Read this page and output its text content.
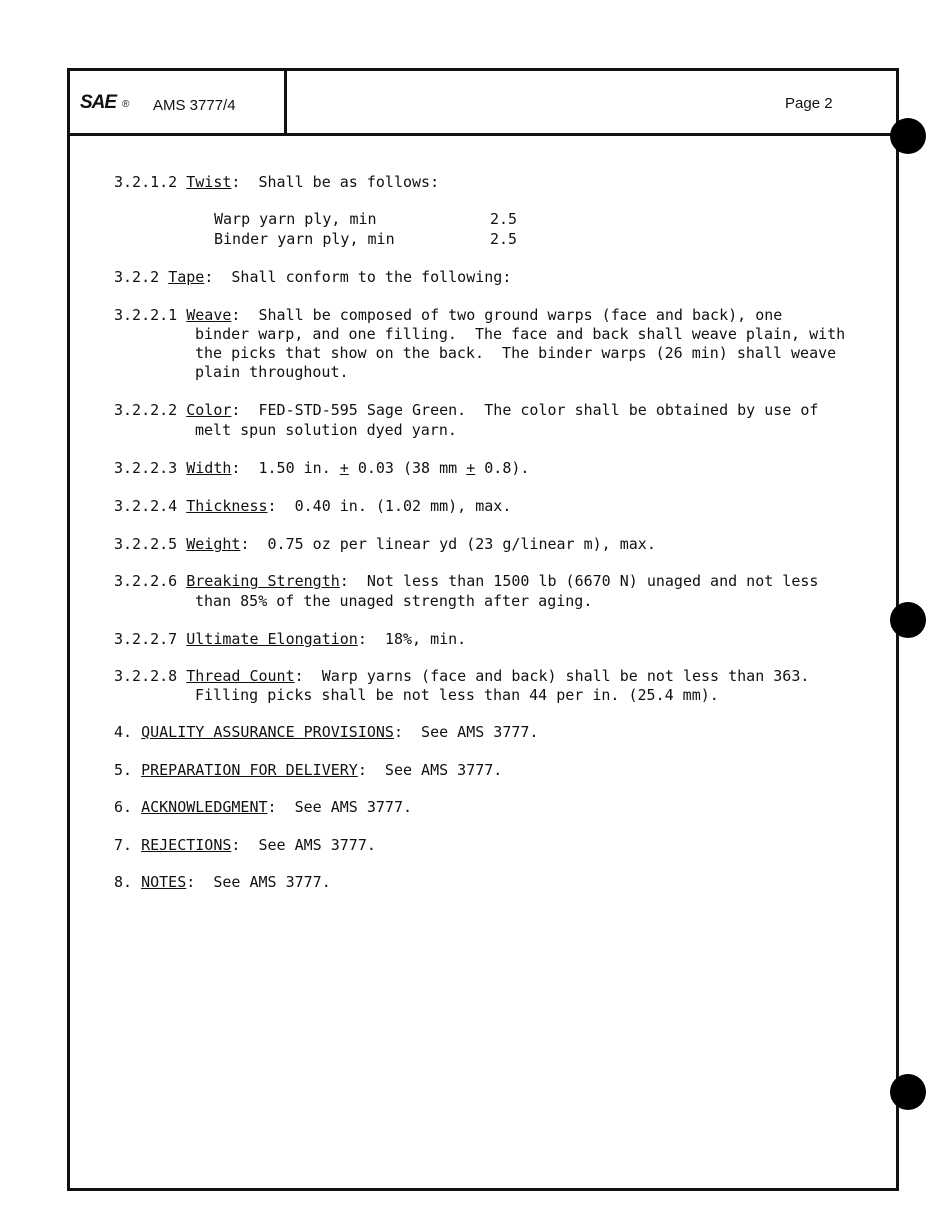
SAE ® AMS 3777/4	Page 2
3.2.1.2 Twist:  Shall be as follows:
Warp yarn ply, min	2.5
Binder yarn ply, min	2.5
3.2.2 Tape:  Shall conform to the following:
3.2.2.1 Weave:  Shall be composed of two ground warps (face and back), one
binder warp, and one filling.  The face and back shall weave plain, with
the picks that show on the back.  The binder warps (26 min) shall weave
plain throughout.
3.2.2.2 Color:  FED-STD-595 Sage Green.  The color shall be obtained by use of
melt spun solution dyed yarn.
3.2.2.3 Width:  1.50 in. + 0.03 (38 mm + 0.8).
3.2.2.4 Thickness:  0.40 in. (1.02 mm), max.
3.2.2.5 Weight:  0.75 oz per linear yd (23 g/linear m), max.
3.2.2.6 Breaking Strength:  Not less than 1500 lb (6670 N) unaged and not less
than 85% of the unaged strength after aging.
3.2.2.7 Ultimate Elongation:  18%, min.
3.2.2.8 Thread Count:  Warp yarns (face and back) shall be not less than 363.
Filling picks shall be not less than 44 per in. (25.4 mm).
4. QUALITY ASSURANCE PROVISIONS:  See AMS 3777.
5. PREPARATION FOR DELIVERY:  See AMS 3777.
6. ACKNOWLEDGMENT:  See AMS 3777.
7. REJECTIONS:  See AMS 3777.
8. NOTES:  See AMS 3777.
